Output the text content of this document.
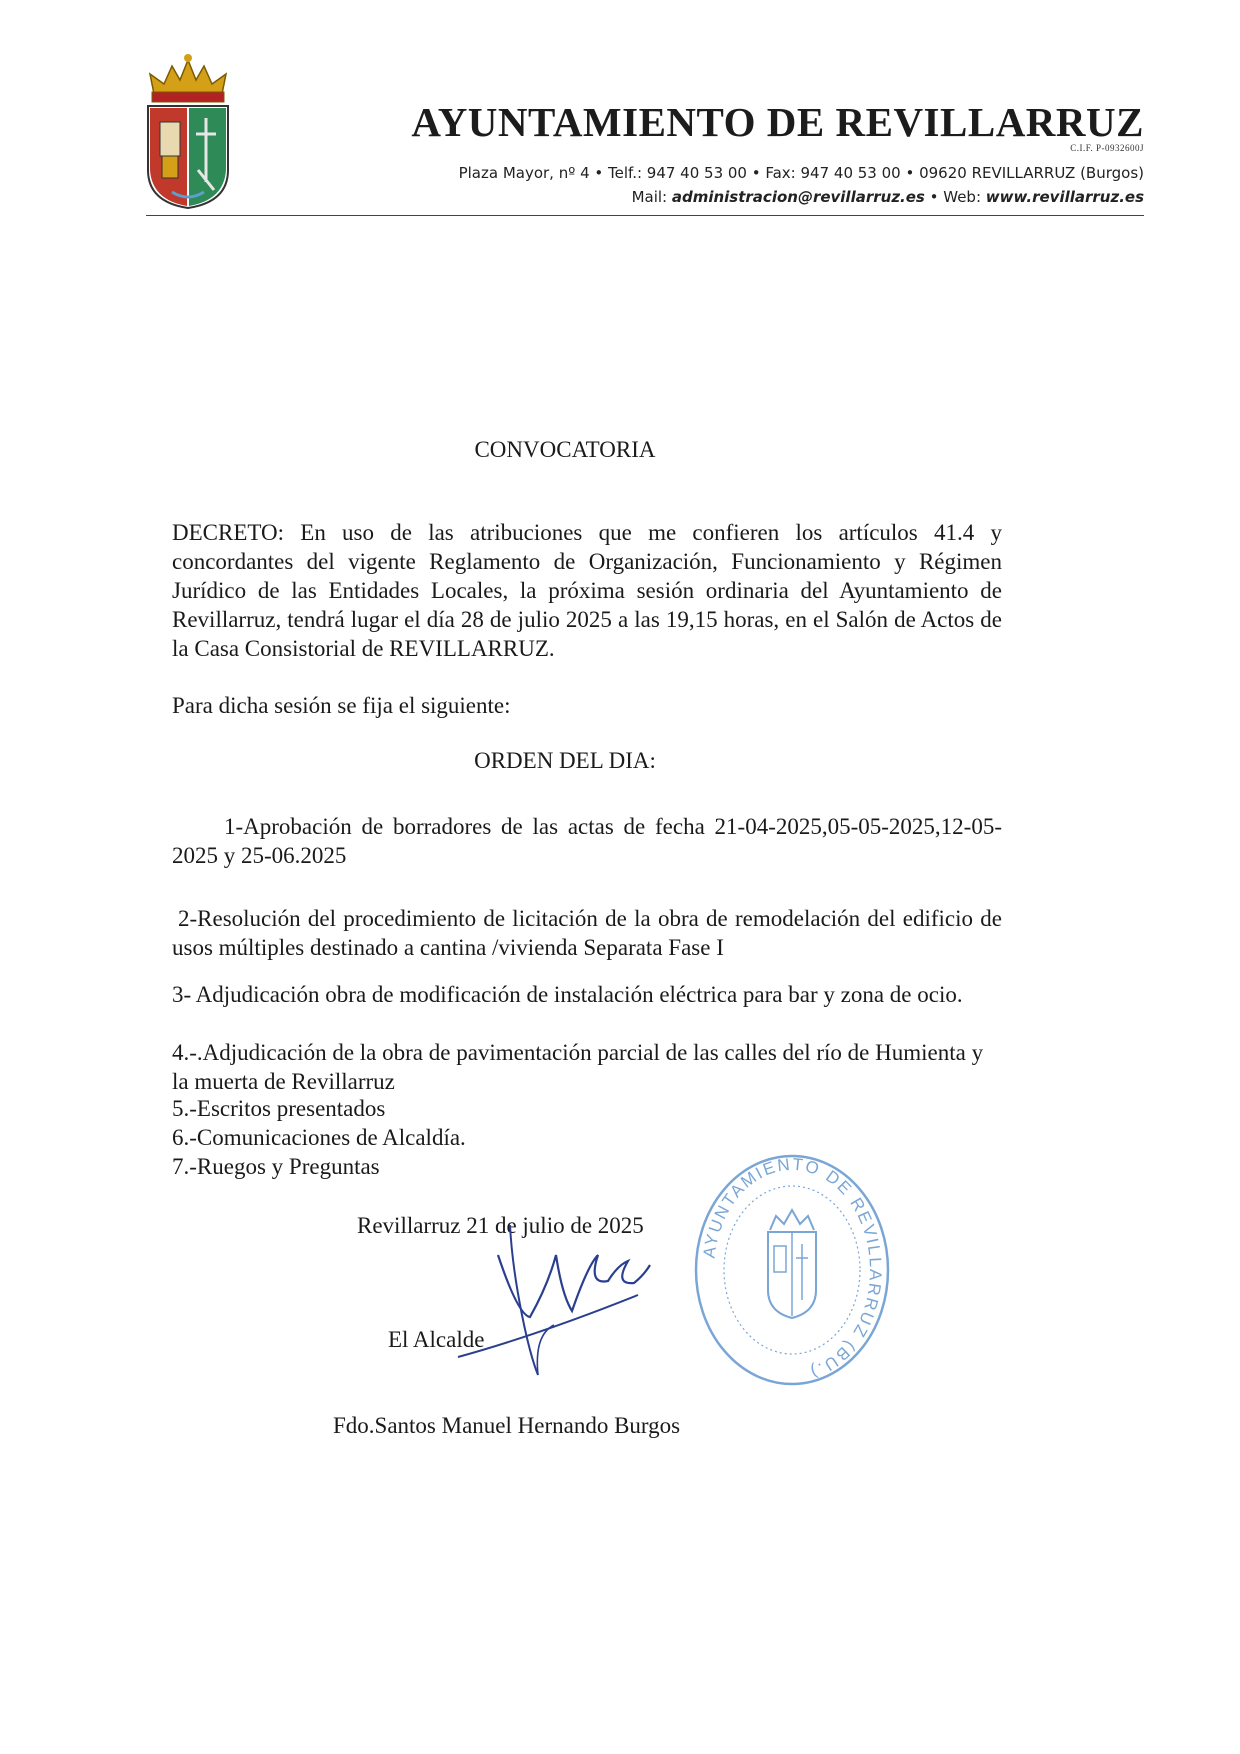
AYUNTAMIENTO DE REVILLARRUZ
C.I.F. P-0932600J
Plaza Mayor, nº 4 • Telf.: 947 40 53 00 • Fax: 947 40 53 00 • 09620 REVILLARRUZ (Burgos)
Mail: administracion@revillarruz.es • Web: www.revillarruz.es
CONVOCATORIA
DECRETO: En uso de las atribuciones que me confieren los artículos 41.4 y concordantes del vigente Reglamento de Organización, Funcionamiento y Régimen Jurídico de las Entidades Locales, la próxima sesión ordinaria del Ayuntamiento de Revillarruz, tendrá lugar el día 28 de julio 2025 a las 19,15 horas, en el Salón de Actos de la Casa Consistorial de REVILLARRUZ.
Para dicha sesión se fija el siguiente:
ORDEN DEL DIA:
1-Aprobación de borradores de las actas de fecha 21-04-2025,05-05-2025,12-05-2025 y 25-06.2025
2-Resolución del procedimiento de licitación de la obra de remodelación del edificio de usos múltiples destinado a cantina /vivienda Separata Fase I
3- Adjudicación obra de modificación de instalación eléctrica para bar y zona de ocio.
4.-.Adjudicación de la obra de pavimentación parcial de las calles del río de Humienta y la muerta de Revillarruz
5.-Escritos presentados
6.-Comunicaciones de Alcaldía.
7.-Ruegos y Preguntas
Revillarruz 21 de julio de 2025
El Alcalde
Fdo.Santos Manuel Hernando Burgos
AYUNTAMIENTO DE REVILLARRUZ (BU.)
